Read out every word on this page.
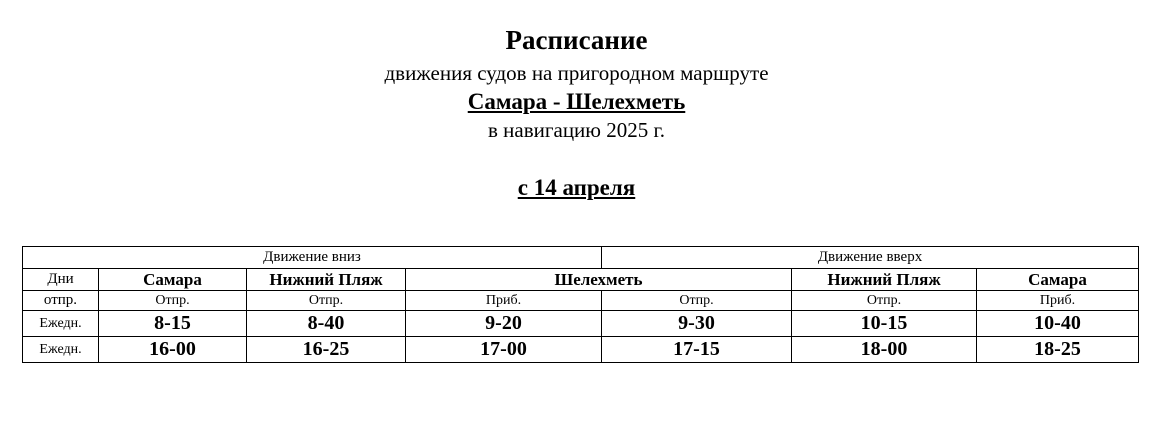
Расписание
движения судов на пригородном маршруте
Самара - Шелехметь
в навигацию 2025 г.
с 14 апреля
Движение вниз				Движение вверх		
Дни	Самара	Нижний Пляж	Шелехметь		Нижний Пляж	Самара
отпр.	Отпр.	Отпр.	Приб.	Отпр.	Отпр.	Приб.
Ежедн.	8-15	8-40	9-20	9-30	10-15	10-40
Ежедн.	16-00	16-25	17-00	17-15	18-00	18-25
